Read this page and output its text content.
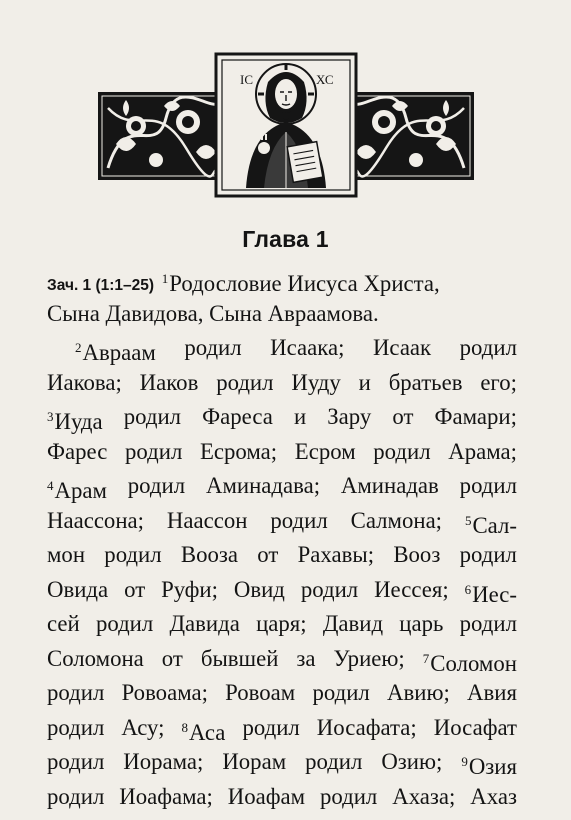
ІС	ХС
Глава 1
Зач. 1 (1:1–25) $^1$Родословие Иисуса Христа,
Сына Давидова, Сына Авраамова.
$^2$Авраам родил Исаака; Исаак родил
Иакова; Иаков родил Иуду и братьев его;
$^3$Иуда родил Фареса и Зару от Фамари;
Фарес родил Есрома; Есром родил Арама;
$^4$Арам родил Аминадава; Аминадав родил
Наассона; Наассон родил Салмона; $^5$Сал-
мон родил Вооза от Рахавы; Вооз родил
Овида от Руфи; Овид родил Иессея; $^6$Иес-
сей родил Давида царя; Давид царь родил
Соломона от бывшей за Уриею; $^7$Соломон
родил Ровоама; Ровоам родил Авию; Авия
родил Асу; $^8$Аса родил Иосафата; Иосафат
родил Иорама; Иорам родил Озию; $^9$Озия
родил Иоафама; Иоафам родил Ахаза; Ахаз
